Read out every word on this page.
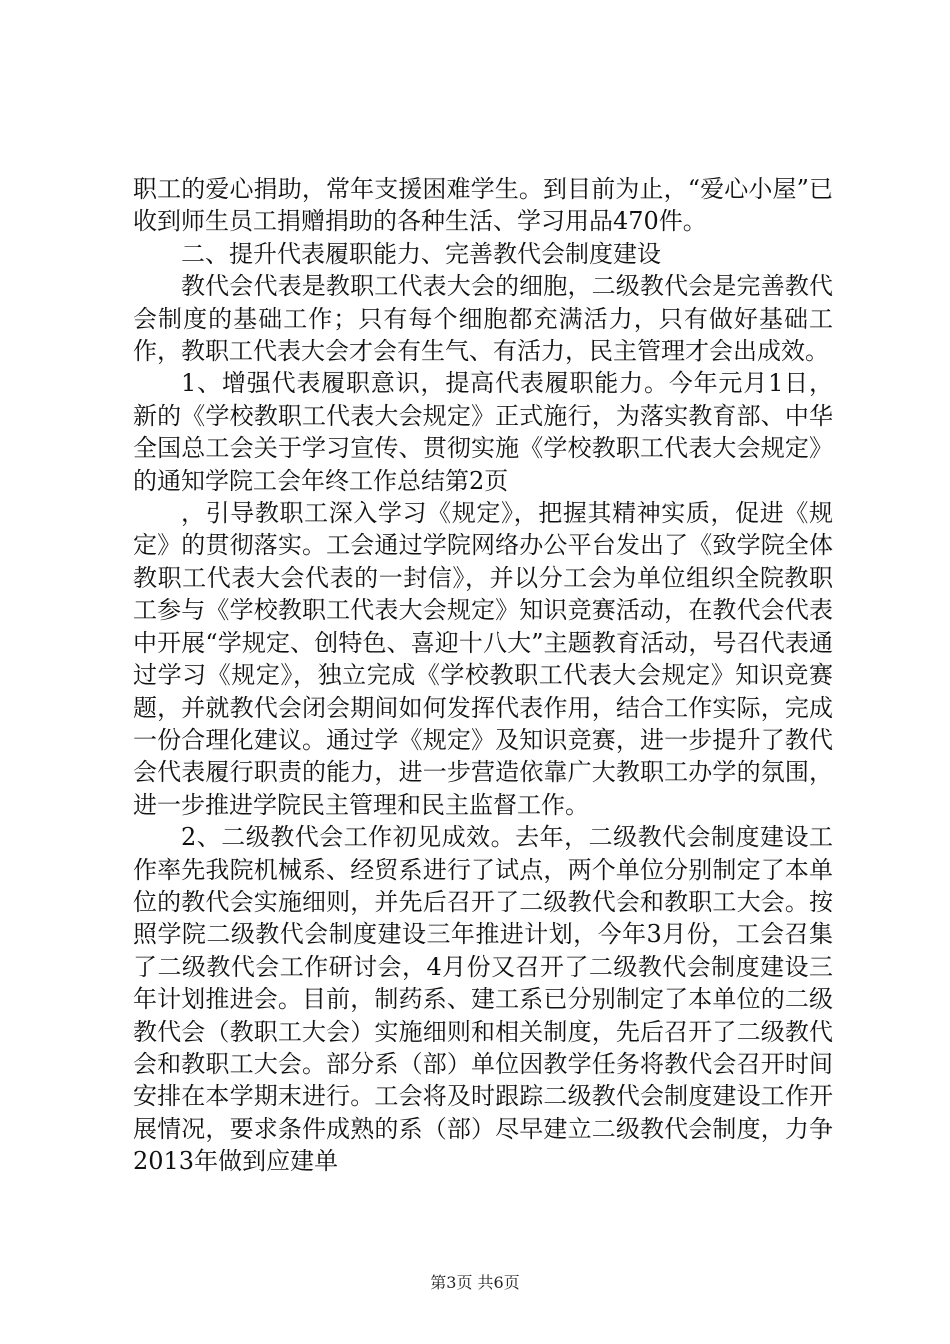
职工的爱心捐助，常年支援困难学生。到目前为止，“爱心小屋”已收到师生员工捐赠捐助的各种生活、学习用品470件。

二、提升代表履职能力、完善教代会制度建设

教代会代表是教职工代表大会的细胞，二级教代会是完善教代会制度的基础工作；只有每个细胞都充满活力，只有做好基础工作，教职工代表大会才会有生气、有活力，民主管理才会出成效。

1、增强代表履职意识，提高代表履职能力。今年元月1日，新的《学校教职工代表大会规定》正式施行，为落实教育部、中华全国总工会关于学习宣传、贯彻实施《学校教职工代表大会规定》的通知学院工会年终工作总结第2页

，引导教职工深入学习《规定》，把握其精神实质，促进《规定》的贯彻落实。工会通过学院网络办公平台发出了《致学院全体教职工代表大会代表的一封信》，并以分工会为单位组织全院教职工参与《学校教职工代表大会规定》知识竞赛活动，在教代会代表中开展“学规定、创特色、喜迎十八大”主题教育活动，号召代表通过学习《规定》，独立完成《学校教职工代表大会规定》知识竞赛题，并就教代会闭会期间如何发挥代表作用，结合工作实际，完成一份合理化建议。通过学《规定》及知识竞赛，进一步提升了教代会代表履行职责的能力，进一步营造依靠广大教职工办学的氛围，进一步推进学院民主管理和民主监督工作。

2、二级教代会工作初见成效。去年，二级教代会制度建设工作率先我院机械系、经贸系进行了试点，两个单位分别制定了本单位的教代会实施细则，并先后召开了二级教代会和教职工大会。按照学院二级教代会制度建设三年推进计划，今年3月份，工会召集了二级教代会工作研讨会，4月份又召开了二级教代会制度建设三年计划推进会。目前，制药系、建工系已分别制定了本单位的二级教代会（教职工大会）实施细则和相关制度，先后召开了二级教代会和教职工大会。部分系（部）单位因教学任务将教代会召开时间安排在本学期末进行。工会将及时跟踪二级教代会制度建设工作开展情况，要求条件成熟的系（部）尽早建立二级教代会制度，力争2013年做到应建单

第3页 共6页
